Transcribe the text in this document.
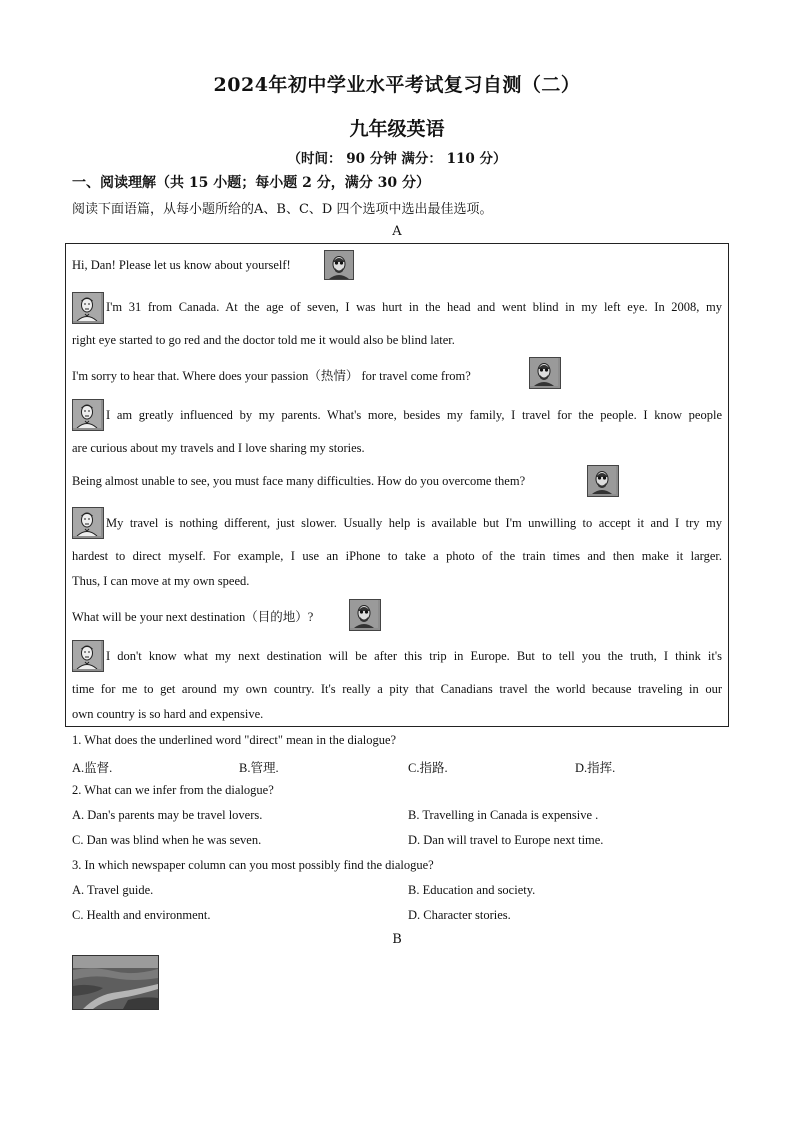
2024年初中学业水平考试复习自测（二）
九年级英语
（时间： 90 分钟 满分： 110 分）
一、阅读理解（共 15 小题；每小题 2 分，满分 30 分）
阅读下面语篇，从每小题所给的A、B、C、D 四个选项中选出最佳选项。
A
Hi, Dan! Please let us know about yourself!
I'm 31 from Canada. At the age of seven, I was hurt in the head and went blind in my left eye. In 2008, my
right eye started to go red and the doctor told me it would also be blind later.
I'm sorry to hear that. Where does your passion（热情） for travel come from?
I am greatly influenced by my parents. What's more, besides my family, I travel for the people. I know people
are curious about my travels and I love sharing my stories.
Being almost unable to see, you must face many difficulties. How do you overcome them?
My travel is nothing different, just slower. Usually help is available but I'm unwilling to accept it and I try my
hardest to direct myself. For example, I use an iPhone to take a photo of the train times and then make it larger.
Thus, I can move at my own speed.
What will be your next destination（目的地）?
I don't know what my next destination will be after this trip in Europe. But to tell you the truth, I think it's
time for me to get around my own country. It's really a pity that Canadians travel the world because traveling in our
own country is so hard and expensive.
1. What does the underlined word "direct" mean in the dialogue?
A.监督.	B.管理.	C.指路.	D.指挥.
2. What can we infer from the dialogue?
A. Dan's parents may be travel lovers.	B. Travelling in Canada is expensive .
C. Dan was blind when he was seven.	D. Dan will travel to Europe next time.
3. In which newspaper column can you most possibly find the dialogue?
A. Travel guide.	B. Education and society.
C. Health and environment.	D. Character stories.
B
